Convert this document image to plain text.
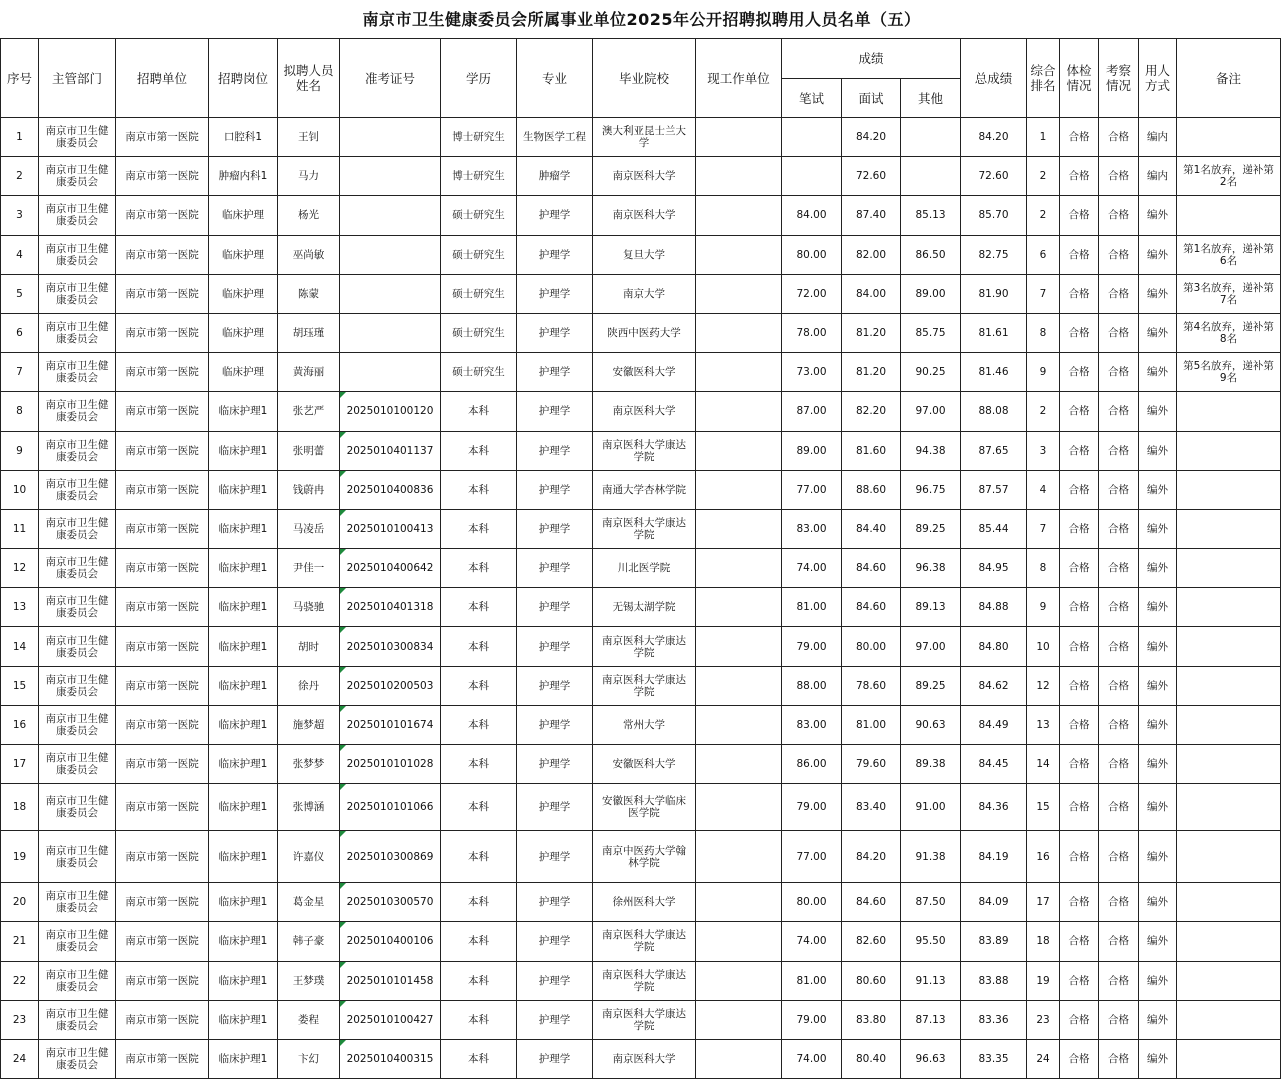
南京市卫生健康委员会所属事业单位2025年公开招聘拟聘用人员名单（五）
序号	主管部门	招聘单位	招聘岗位	拟聘人员姓名	准考证号	学历	专业	毕业院校	现工作单位	成绩			总成绩	综合排名	体检情况	考察情况	用人方式	备注
										笔试	面试	其他						
1	南京市卫生健康委员会	南京市第一医院	口腔科1	王钊		博士研究生	生物医学工程	澳大利亚昆士兰大学			84.20		84.20	1	合格	合格	编内	
2	南京市卫生健康委员会	南京市第一医院	肿瘤内科1	马力		博士研究生	肿瘤学	南京医科大学			72.60		72.60	2	合格	合格	编内	第1名放弃，递补第2名
3	南京市卫生健康委员会	南京市第一医院	临床护理	杨光		硕士研究生	护理学	南京医科大学		84.00	87.40	85.13	85.70	2	合格	合格	编外	
4	南京市卫生健康委员会	南京市第一医院	临床护理	巫尚敏		硕士研究生	护理学	复旦大学		80.00	82.00	86.50	82.75	6	合格	合格	编外	第1名放弃，递补第6名
5	南京市卫生健康委员会	南京市第一医院	临床护理	陈蒙		硕士研究生	护理学	南京大学		72.00	84.00	89.00	81.90	7	合格	合格	编外	第3名放弃，递补第7名
6	南京市卫生健康委员会	南京市第一医院	临床护理	胡珏瑾		硕士研究生	护理学	陕西中医药大学		78.00	81.20	85.75	81.61	8	合格	合格	编外	第4名放弃，递补第8名
7	南京市卫生健康委员会	南京市第一医院	临床护理	黄海丽		硕士研究生	护理学	安徽医科大学		73.00	81.20	90.25	81.46	9	合格	合格	编外	第5名放弃，递补第9名
8	南京市卫生健康委员会	南京市第一医院	临床护理1	张艺严	2025010100120	本科	护理学	南京医科大学		87.00	82.20	97.00	88.08	2	合格	合格	编外	
9	南京市卫生健康委员会	南京市第一医院	临床护理1	张明蕾	2025010401137	本科	护理学	南京医科大学康达学院		89.00	81.60	94.38	87.65	3	合格	合格	编外	
10	南京市卫生健康委员会	南京市第一医院	临床护理1	钱蔚冉	2025010400836	本科	护理学	南通大学杏林学院		77.00	88.60	96.75	87.57	4	合格	合格	编外	
11	南京市卫生健康委员会	南京市第一医院	临床护理1	马凌岳	2025010100413	本科	护理学	南京医科大学康达学院		83.00	84.40	89.25	85.44	7	合格	合格	编外	
12	南京市卫生健康委员会	南京市第一医院	临床护理1	尹佳一	2025010400642	本科	护理学	川北医学院		74.00	84.60	96.38	84.95	8	合格	合格	编外	
13	南京市卫生健康委员会	南京市第一医院	临床护理1	马骁驰	2025010401318	本科	护理学	无锡太湖学院		81.00	84.60	89.13	84.88	9	合格	合格	编外	
14	南京市卫生健康委员会	南京市第一医院	临床护理1	胡时	2025010300834	本科	护理学	南京医科大学康达学院		79.00	80.00	97.00	84.80	10	合格	合格	编外	
15	南京市卫生健康委员会	南京市第一医院	临床护理1	徐丹	2025010200503	本科	护理学	南京医科大学康达学院		88.00	78.60	89.25	84.62	12	合格	合格	编外	
16	南京市卫生健康委员会	南京市第一医院	临床护理1	施梦超	2025010101674	本科	护理学	常州大学		83.00	81.00	90.63	84.49	13	合格	合格	编外	
17	南京市卫生健康委员会	南京市第一医院	临床护理1	张梦梦	2025010101028	本科	护理学	安徽医科大学		86.00	79.60	89.38	84.45	14	合格	合格	编外	
18	南京市卫生健康委员会	南京市第一医院	临床护理1	张博涵	2025010101066	本科	护理学	安徽医科大学临床医学院		79.00	83.40	91.00	84.36	15	合格	合格	编外	
19	南京市卫生健康委员会	南京市第一医院	临床护理1	许嘉仪	2025010300869	本科	护理学	南京中医药大学翰林学院		77.00	84.20	91.38	84.19	16	合格	合格	编外	
20	南京市卫生健康委员会	南京市第一医院	临床护理1	葛金星	2025010300570	本科	护理学	徐州医科大学		80.00	84.60	87.50	84.09	17	合格	合格	编外	
21	南京市卫生健康委员会	南京市第一医院	临床护理1	韩子豪	2025010400106	本科	护理学	南京医科大学康达学院		74.00	82.60	95.50	83.89	18	合格	合格	编外	
22	南京市卫生健康委员会	南京市第一医院	临床护理1	王梦璞	2025010101458	本科	护理学	南京医科大学康达学院		81.00	80.60	91.13	83.88	19	合格	合格	编外	
23	南京市卫生健康委员会	南京市第一医院	临床护理1	娄程	2025010100427	本科	护理学	南京医科大学康达学院		79.00	83.80	87.13	83.36	23	合格	合格	编外	
24	南京市卫生健康委员会	南京市第一医院	临床护理1	卞幻	2025010400315	本科	护理学	南京医科大学		74.00	80.40	96.63	83.35	24	合格	合格	编外	
